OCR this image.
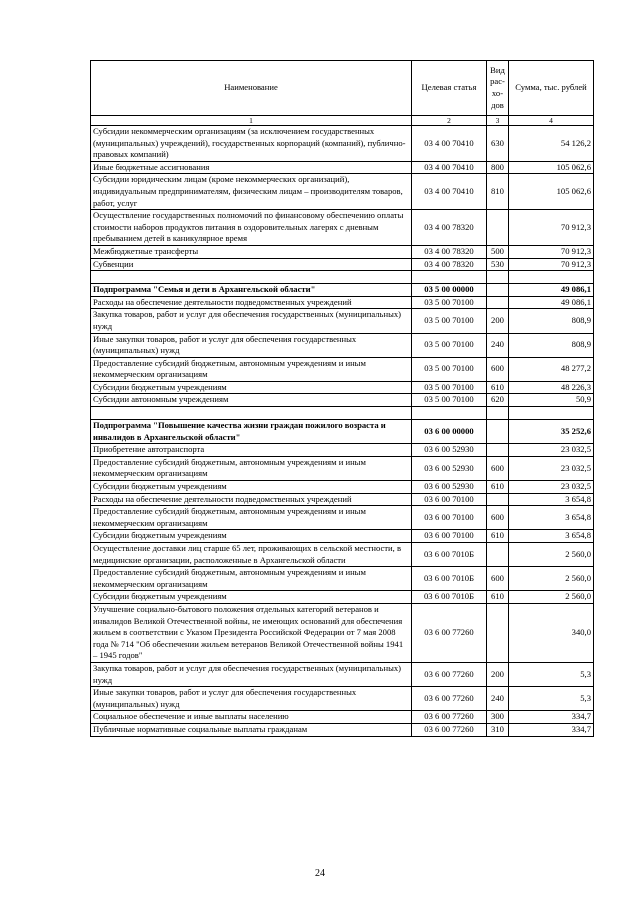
Наименование	Целевая статья	Вид рас-хо-дов	Сумма, тыс. рублей
1	2	3	4
Субсидии некоммерческим организациям (за исключением государственных (муниципальных) учреждений), государственных корпораций (компаний), публично-правовых компаний)	03 4 00 70410	630	54 126,2
Иные бюджетные ассигнования	03 4 00 70410	800	105 062,6
Субсидии юридическим лицам (кроме некоммерческих организаций), индивидуальным предпринимателям, физическим лицам – производителям товаров, работ, услуг	03 4 00 70410	810	105 062,6
Осуществление государственных полномочий по финансовому обеспечению оплаты стоимости наборов продуктов питания в оздоровительных лагерях с дневным пребыванием детей в каникулярное время	03 4 00 78320		70 912,3
Межбюджетные трансферты	03 4 00 78320	500	70 912,3
Субвенции	03 4 00 78320	530	70 912,3

Подпрограмма "Семья и дети в Архангельской области"	03 5 00 00000		49 086,1
Расходы на обеспечение деятельности подведомственных учреждений	03 5 00 70100		49 086,1
Закупка товаров, работ и услуг для обеспечения государственных (муниципальных) нужд	03 5 00 70100	200	808,9
Иные закупки товаров, работ и услуг для обеспечения государственных (муниципальных) нужд	03 5 00 70100	240	808,9
Предоставление субсидий бюджетным, автономным учреждениям и иным некоммерческим организациям	03 5 00 70100	600	48 277,2
Субсидии бюджетным учреждениям	03 5 00 70100	610	48 226,3
Субсидии автономным учреждениям	03 5 00 70100	620	50,9

Подпрограмма "Повышение качества жизни граждан пожилого возраста и инвалидов в Архангельской области"	03 6 00 00000		35 252,6
Приобретение автотранспорта	03 6 00 52930		23 032,5
Предоставление субсидий бюджетным, автономным учреждениям и иным некоммерческим организациям	03 6 00 52930	600	23 032,5
Субсидии бюджетным учреждениям	03 6 00 52930	610	23 032,5
Расходы на обеспечение деятельности подведомственных учреждений	03 6 00 70100		3 654,8
Предоставление субсидий бюджетным, автономным учреждениям и иным некоммерческим организациям	03 6 00 70100	600	3 654,8
Субсидии бюджетным учреждениям	03 6 00 70100	610	3 654,8
Осуществление доставки лиц старше 65 лет, проживающих в сельской местности, в медицинские организации, расположенные в Архангельской области	03 6 00 7010Б		2 560,0
Предоставление субсидий бюджетным, автономным учреждениям и иным некоммерческим организациям	03 6 00 7010Б	600	2 560,0
Субсидии бюджетным учреждениям	03 6 00 7010Б	610	2 560,0
Улучшение социально-бытового положения отдельных категорий ветеранов и инвалидов Великой Отечественной войны, не имеющих оснований для обеспечения жильем в соответствии с Указом Президента Российской Федерации от 7 мая 2008 года № 714 "Об обеспечении жильем ветеранов Великой Отечественной войны 1941 – 1945 годов"	03 6 00 77260		340,0
Закупка товаров, работ и услуг для обеспечения государственных (муниципальных) нужд	03 6 00 77260	200	5,3
Иные закупки товаров, работ и услуг для обеспечения государственных (муниципальных) нужд	03 6 00 77260	240	5,3
Социальное обеспечение и иные выплаты населению	03 6 00 77260	300	334,7
Публичные нормативные социальные выплаты гражданам	03 6 00 77260	310	334,7
24
